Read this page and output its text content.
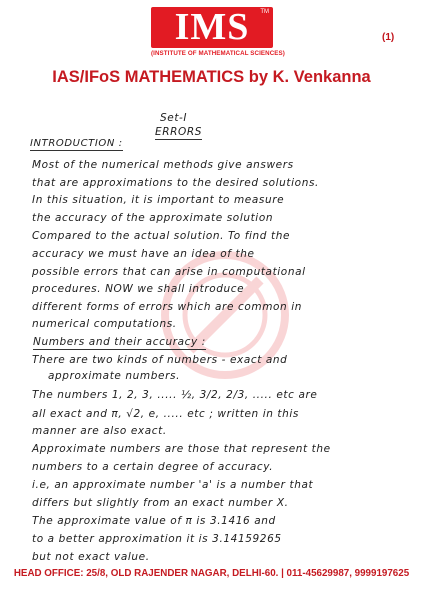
IMS	TM
(INSTITUTE OF MATHEMATICAL SCIENCES)
(1)
IAS/IFoS MATHEMATICS by K. Venkanna
Set-I
ERRORS
INTRODUCTION :
Most of the numerical methods give answers
that are approximations to the desired solutions.
In this situation, it is important to measure
the accuracy of the approximate solution
Compared to the actual solution. To find the
accuracy we must have an idea of the
possible errors that can arise in computational
procedures. NOW we shall introduce
different forms of errors which are common in
numerical computations.
Numbers and their accuracy :
There are two kinds of numbers - exact and
approximate numbers.
The numbers 1, 2, 3, ..... ½, 3/2, 2/3, ..... etc are
all exact and π, √2, e, ..... etc ; written in this
manner are also exact.
Approximate numbers are those that represent the
numbers to a certain degree of accuracy.
i.e, an approximate number 'a' is a number that
differs but slightly from an exact number X.
The approximate value of π is 3.1416 and
to a better approximation it is 3.14159265
but not exact value.
HEAD OFFICE: 25/8, OLD RAJENDER NAGAR, DELHI-60. | 011-45629987, 9999197625
